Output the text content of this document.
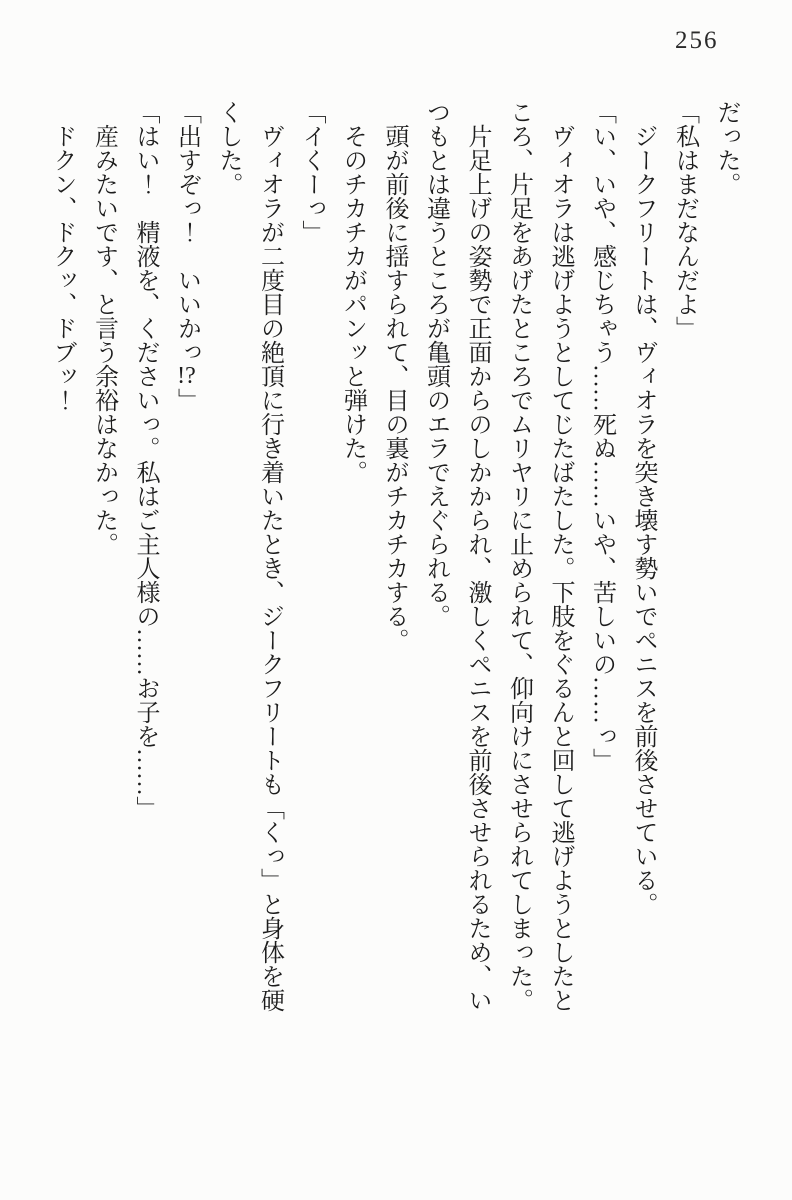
256

だった。

「私はまだなんだよ」

ジークフリートは、ヴィオラを突き壊す勢いでペニスを前後させている。

「い、いや、感じちゃう……死ぬ……いや、苦しいの……っ」

ヴィオラは逃げようとしてじたばたした。下肢をぐるんと回して逃げようとしたところ、片足をあげたところでムリヤリに止められて、仰向けにさせられてしまった。

片足上げの姿勢で正面からのしかかられ、激しくペニスを前後させられるため、いつもとは違うところが亀頭のエラでえぐられる。

頭が前後に揺すられて、目の裏がチカチカする。

そのチカチカがパンッと弾けた。

「イくーっ」

ヴィオラが二度目の絶頂に行き着いたとき、ジークフリートも「くっ」と身体を硬くした。

「出すぞっ！　いいかっ!?」

「はい！　精液を、くださいっ。私はご主人様の……お子を……」

産みたいです、と言う余裕はなかった。

ドクン、ドクッ、ドブッ！
